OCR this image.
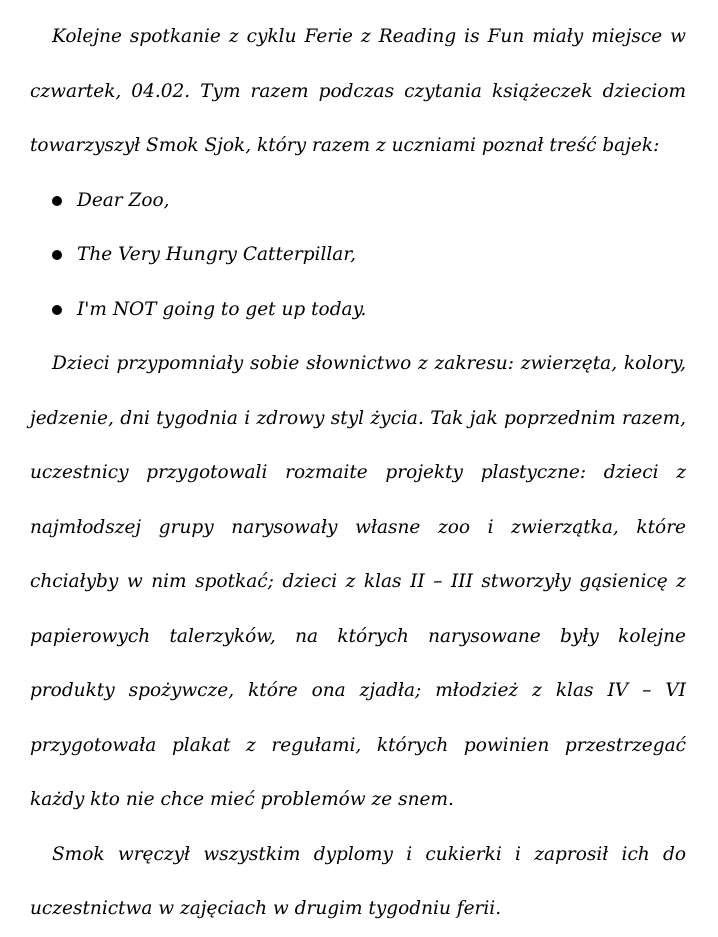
Kolejne spotkanie z cyklu Ferie z Reading is Fun miały miejsce w czwartek, 04.02. Tym razem podczas czytania książeczek dzieciom towarzyszył Smok Sjok, który razem z uczniami poznał treść bajek:

Dear Zoo,
The Very Hungry Catterpillar,
I'm NOT going to get up today.

Dzieci przypomniały sobie słownictwo z zakresu: zwierzęta, kolory, jedzenie, dni tygodnia i zdrowy styl życia. Tak jak poprzednim razem, uczestnicy przygotowali rozmaite projekty plastyczne: dzieci z najmłodszej grupy narysowały własne zoo i zwierzątka, które chciałyby w nim spotkać; dzieci z klas II – III stworzyły gąsienicę z papierowych talerzyków, na których narysowane były kolejne produkty spożywcze, które ona zjadła; młodzież z klas IV – VI przygotowała plakat z regułami, których powinien przestrzegać każdy kto nie chce mieć problemów ze snem.

Smok wręczył wszystkim dyplomy i cukierki i zaprosił ich do uczestnictwa w zajęciach w drugim tygodniu ferii.
